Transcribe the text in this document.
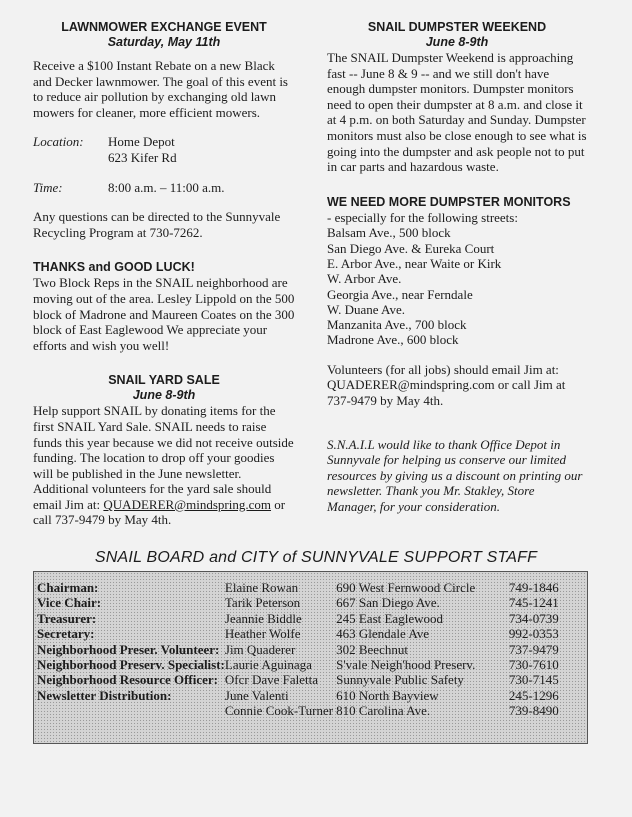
LAWNMOWER EXCHANGE EVENT
Saturday, May 11th

Receive a $100 Instant Rebate on a new Black and Decker lawnmower. The goal of this event is to reduce air pollution by exchanging old lawn mowers for cleaner, more efficient mowers.

Location:	Home Depot
623 Kifer Rd
Time:	8:00 a.m. – 11:00 a.m.

Any questions can be directed to the Sunnyvale Recycling Program at 730-7262.

THANKS and GOOD LUCK!

Two Block Reps in the SNAIL neighborhood are moving out of the area. Lesley Lippold on the 500 block of Madrone and Maureen Coates on the 300 block of East Eaglewood We appreciate your efforts and wish you well!

SNAIL YARD SALE
June 8-9th

Help support SNAIL by donating items for the first SNAIL Yard Sale. SNAIL needs to raise funds this year because we did not receive outside funding. The location to drop off your goodies will be published in the June newsletter. Additional volunteers for the yard sale should email Jim at: QUADERER@mindspring.com or call 737-9479 by May 4th.

SNAIL DUMPSTER WEEKEND
June 8-9th

The SNAIL Dumpster Weekend is approaching fast -- June 8 & 9 -- and we still don't have enough dumpster monitors. Dumpster monitors need to open their dumpster at 8 a.m. and close it at 4 p.m. on both Saturday and Sunday. Dumpster monitors must also be close enough to see what is going into the dumpster and ask people not to put in car parts and hazardous waste.

WE NEED MORE DUMPSTER MONITORS

- especially for the following streets:

Balsam Ave., 500 block
San Diego Ave. & Eureka Court
E. Arbor Ave., near Waite or Kirk
W. Arbor Ave.
Georgia Ave., near Ferndale
W. Duane Ave.
Manzanita Ave., 700 block
Madrone Ave., 600 block

Volunteers (for all jobs) should email Jim at: QUADERER@mindspring.com or call Jim at 737-9479 by May 4th.

S.N.A.I.L would like to thank Office Depot in Sunnyvale for helping us conserve our limited resources by giving us a discount on printing our newsletter. Thank you Mr. Stakley, Store Manager, for your consideration.

SNAIL BOARD and CITY of SUNNYVALE SUPPORT STAFF
Chairman:	Elaine Rowan	690 West Fernwood Circle	749-1846
Vice Chair:	Tarik Peterson	667 San Diego Ave.	745-1241
Treasurer:	Jeannie Biddle	245 East Eaglewood	734-0739
Secretary:	Heather Wolfe	463 Glendale Ave	992-0353
Neighborhood Preser. Volunteer:	Jim Quaderer	302 Beechnut	737-9479
Neighborhood Preserv. Specialist:	Laurie Aguinaga	S'vale Neigh'hood Preserv.	730-7610
Neighborhood Resource Officer:	Ofcr Dave Faletta	Sunnyvale Public Safety	730-7145
Newsletter Distribution:	June Valenti	610 North Bayview	245-1296
	Connie Cook-Turner	810 Carolina Ave.	739-8490
